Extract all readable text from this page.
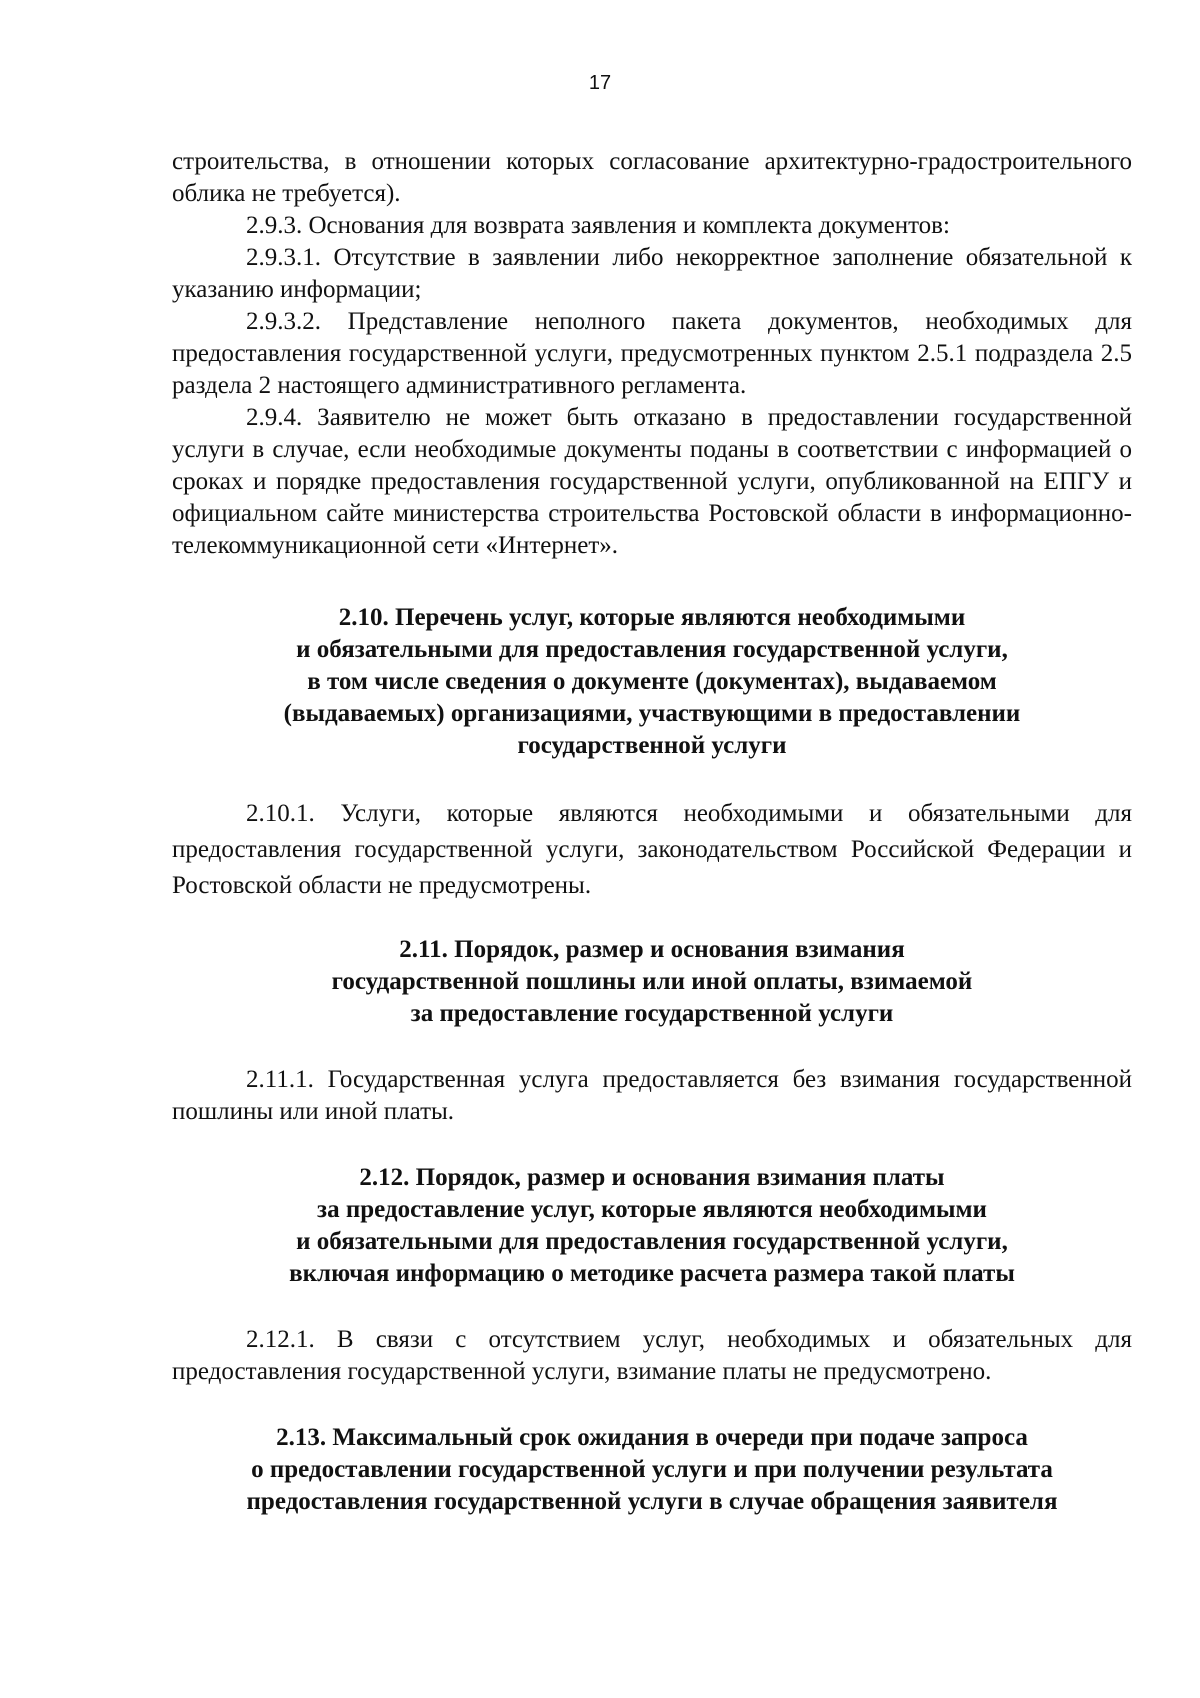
17

строительства, в отношении которых согласование архитектурно-градостроительного облика не требуется).

2.9.3. Основания для возврата заявления и комплекта документов:

2.9.3.1. Отсутствие в заявлении либо некорректное заполнение обязательной к указанию информации;

2.9.3.2. Представление неполного пакета документов, необходимых для предоставления государственной услуги, предусмотренных пунктом 2.5.1 подраздела 2.5 раздела 2 настоящего административного регламента.

2.9.4. Заявителю не может быть отказано в предоставлении государственной услуги в случае, если необходимые документы поданы в соответствии с информацией о сроках и порядке предоставления государственной услуги, опубликованной на ЕПГУ и официальном сайте министерства строительства Ростовской области в информационно-телекоммуникационной сети «Интернет».

2.10. Перечень услуг, которые являются необходимыми
и обязательными для предоставления государственной услуги,
в том числе сведения о документе (документах), выдаваемом
(выдаваемых) организациями, участвующими в предоставлении
государственной услуги

2.10.1. Услуги, которые являются необходимыми и обязательными для предоставления государственной услуги, законодательством Российской Федерации и Ростовской области не предусмотрены.

2.11. Порядок, размер и основания взимания
государственной пошлины или иной оплаты, взимаемой
за предоставление государственной услуги

2.11.1. Государственная услуга предоставляется без взимания государственной пошлины или иной платы.

2.12. Порядок, размер и основания взимания платы
за предоставление услуг, которые являются необходимыми
и обязательными для предоставления государственной услуги,
включая информацию о методике расчета размера такой платы

2.12.1. В связи с отсутствием услуг, необходимых и обязательных для предоставления государственной услуги, взимание платы не предусмотрено.

2.13. Максимальный срок ожидания в очереди при подаче запроса
о предоставлении государственной услуги и при получении результата
предоставления государственной услуги в случае обращения заявителя
